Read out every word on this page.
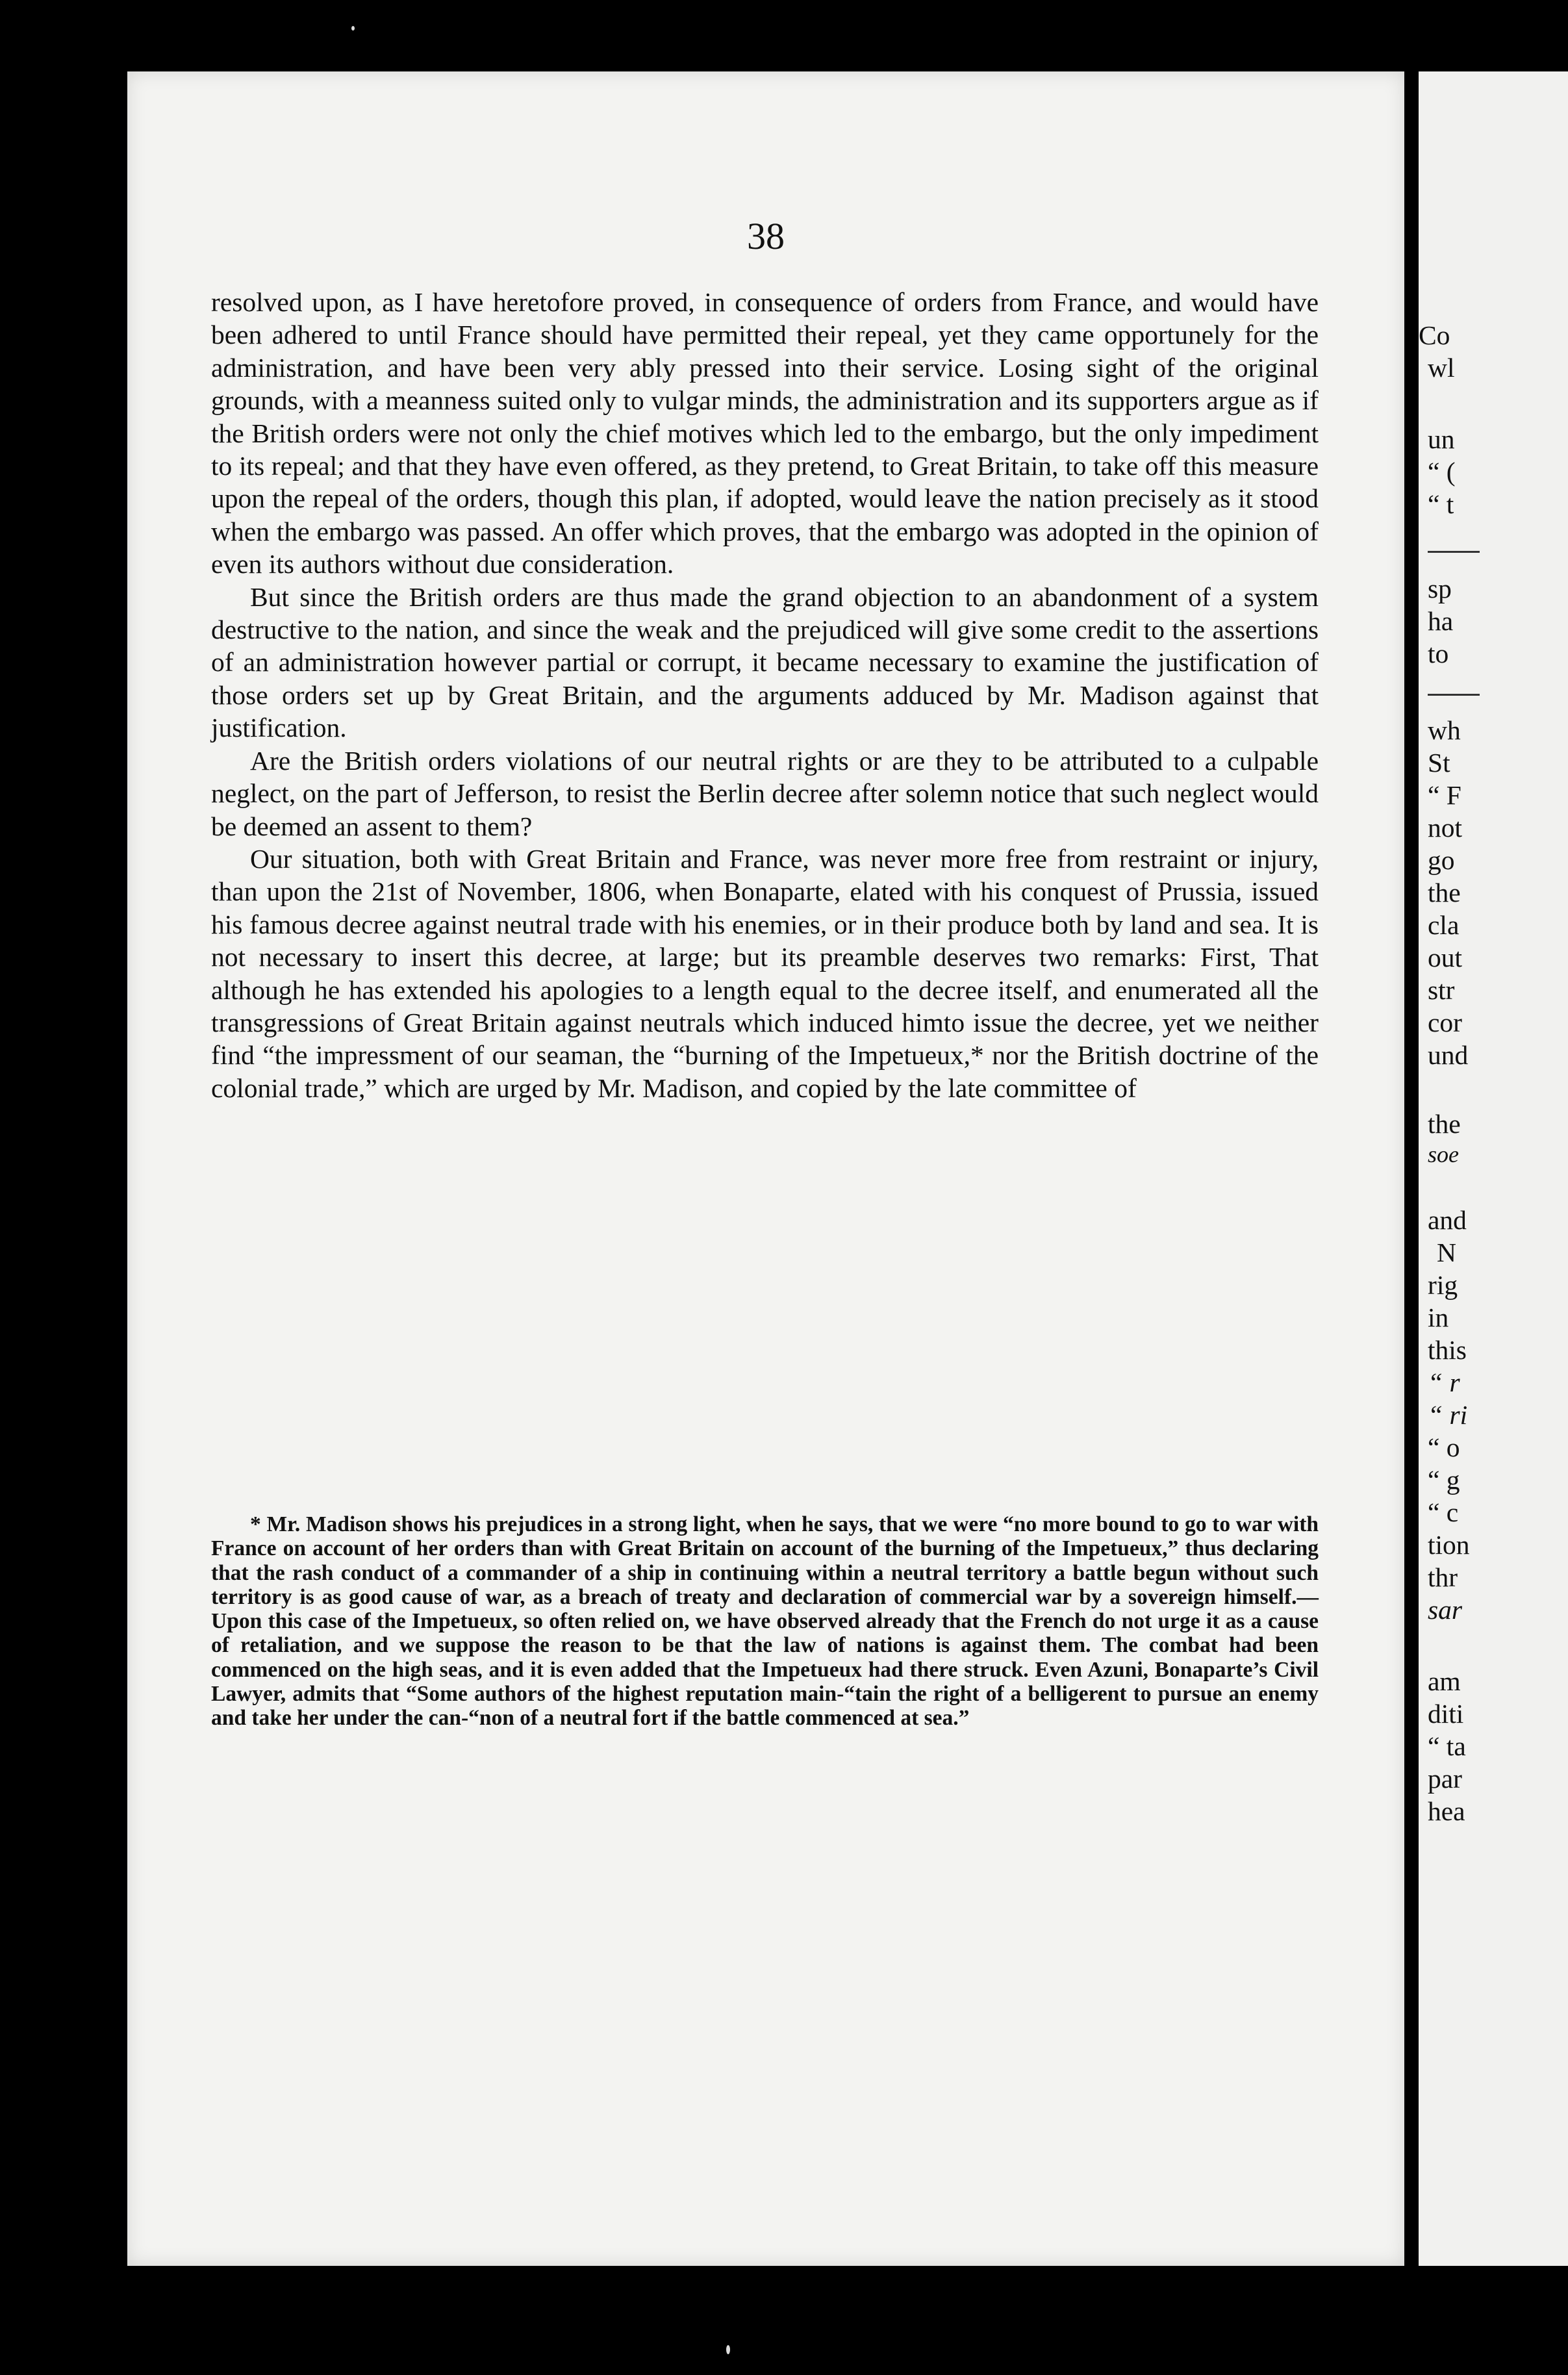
38

resolved upon, as I have heretofore proved, in consequence of orders from France, and would have been adhered to until France should have permitted their repeal, yet they came opportunely for the administration, and have been very ably pressed into their service. Losing sight of the original grounds, with a meanness suited only to vulgar minds, the administration and its supporters argue as if the British orders were not only the chief motives which led to the embargo, but the only impediment to its repeal; and that they have even offered, as they pretend, to Great Britain, to take off this measure upon the repeal of the orders, though this plan, if adopted, would leave the nation precisely as it stood when the embargo was passed. An offer which proves, that the embargo was adopted in the opinion of even its authors without due consideration.

But since the British orders are thus made the grand objection to an abandonment of a system destructive to the nation, and since the weak and the prejudiced will give some credit to the assertions of an administration however partial or corrupt, it became necessary to examine the justification of those orders set up by Great Britain, and the arguments adduced by Mr. Madison against that justification.

Are the British orders violations of our neutral rights or are they to be attributed to a culpable neglect, on the part of Jefferson, to resist the Berlin decree after solemn notice that such neglect would be deemed an assent to them?

Our situation, both with Great Britain and France, was never more free from restraint or injury, than upon the 21st of November, 1806, when Bonaparte, elated with his conquest of Prussia, issued his famous decree against neutral trade with his enemies, or in their produce both by land and sea. It is not necessary to insert this decree, at large; but its preamble deserves two remarks: First, That although he has extended his apologies to a length equal to the decree itself, and enumerated all the transgressions of Great Britain against neutrals which induced himto issue the decree, yet we neither find “the impressment of our seaman, the “burning of the Impetueux,* nor the British doctrine of the colonial trade,” which are urged by Mr. Madison, and copied by the late committee of

* Mr. Madison shows his prejudices in a strong light, when he says, that we were “no more bound to go to war with France on account of her orders than with Great Britain on account of the burning of the Impetueux,” thus declaring that the rash conduct of a commander of a ship in continuing within a neutral territory a battle begun without such territory is as good cause of war, as a breach of treaty and declaration of commercial war by a sovereign himself.—Upon this case of the Impetueux, so often relied on, we have observed already that the French do not urge it as a cause of retaliation, and we suppose the reason to be that the law of nations is against them. The combat had been commenced on the high seas, and it is even added that the Impetueux had there struck. Even Azuni, Bonaparte’s Civil Lawyer, admits that “Some authors of the highest reputation main-“tain the right of a belligerent to pursue an enemy and take her under the can-“non of a neutral fort if the battle commenced at sea.”

Co
wl
un
“ (
“ t
sp
ha
to
wh
St
“ F
not
go
the
cla
out
str
cor
und
the
soe
and
N
rig
in
this
“ r
“ ri
“ o
“ g
“ c
tion
thr
sar
am
diti
“ ta
par
hea
